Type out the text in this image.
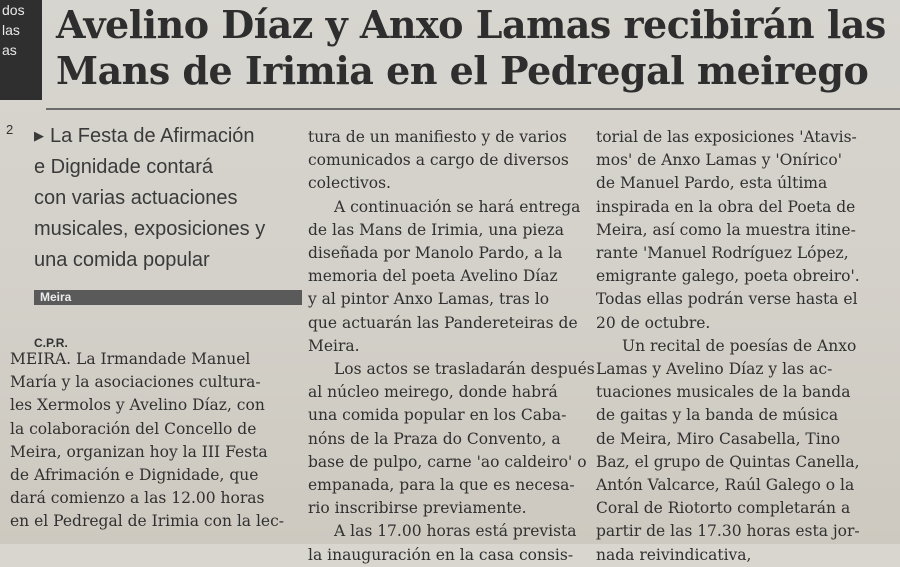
dos
las
as
2
Avelino Díaz y Anxo Lamas recibirán las
Mans de Irimia en el Pedregal meirego
▶ La Festa de Afirmación
e Dignidade contará
con varias actuaciones
musicales, exposiciones y
una comida popular
Meira
C.P.R.
MEIRA. La Irmandade Manuel
María y la asociaciones cultura-
les Xermolos y Avelino Díaz, con
la colaboración del Concello de
Meira, organizan hoy la III Festa
de Afrimación e Dignidade, que
dará comienzo a las 12.00 horas
en el Pedregal de Irimia con la lec-
tura de un manifiesto y de varios
comunicados a cargo de diversos
colectivos.
A continuación se hará entrega
de las Mans de Irimia, una pieza
diseñada por Manolo Pardo, a la
memoria del poeta Avelino Díaz
y al pintor Anxo Lamas, tras lo
que actuarán las Pandereteiras de
Meira.
Los actos se trasladarán después
al núcleo meirego, donde habrá
una comida popular en los Caba-
nóns de la Praza do Convento, a
base de pulpo, carne 'ao caldeiro' o
empanada, para la que es necesa-
rio inscribirse previamente.
A las 17.00 horas está prevista
la inauguración en la casa consis-
torial de las exposiciones 'Atavis-
mos' de Anxo Lamas y 'Onírico'
de Manuel Pardo, esta última
inspirada en la obra del Poeta de
Meira, así como la muestra itine-
rante 'Manuel Rodríguez López,
emigrante galego, poeta obreiro'.
Todas ellas podrán verse hasta el
20 de octubre.
Un recital de poesías de Anxo
Lamas y Avelino Díaz y las ac-
tuaciones musicales de la banda
de gaitas y la banda de música
de Meira, Miro Casabella, Tino
Baz, el grupo de Quintas Canella,
Antón Valcarce, Raúl Galego o la
Coral de Riotorto completarán a
partir de las 17.30 horas esta jor-
nada reivindicativa,
